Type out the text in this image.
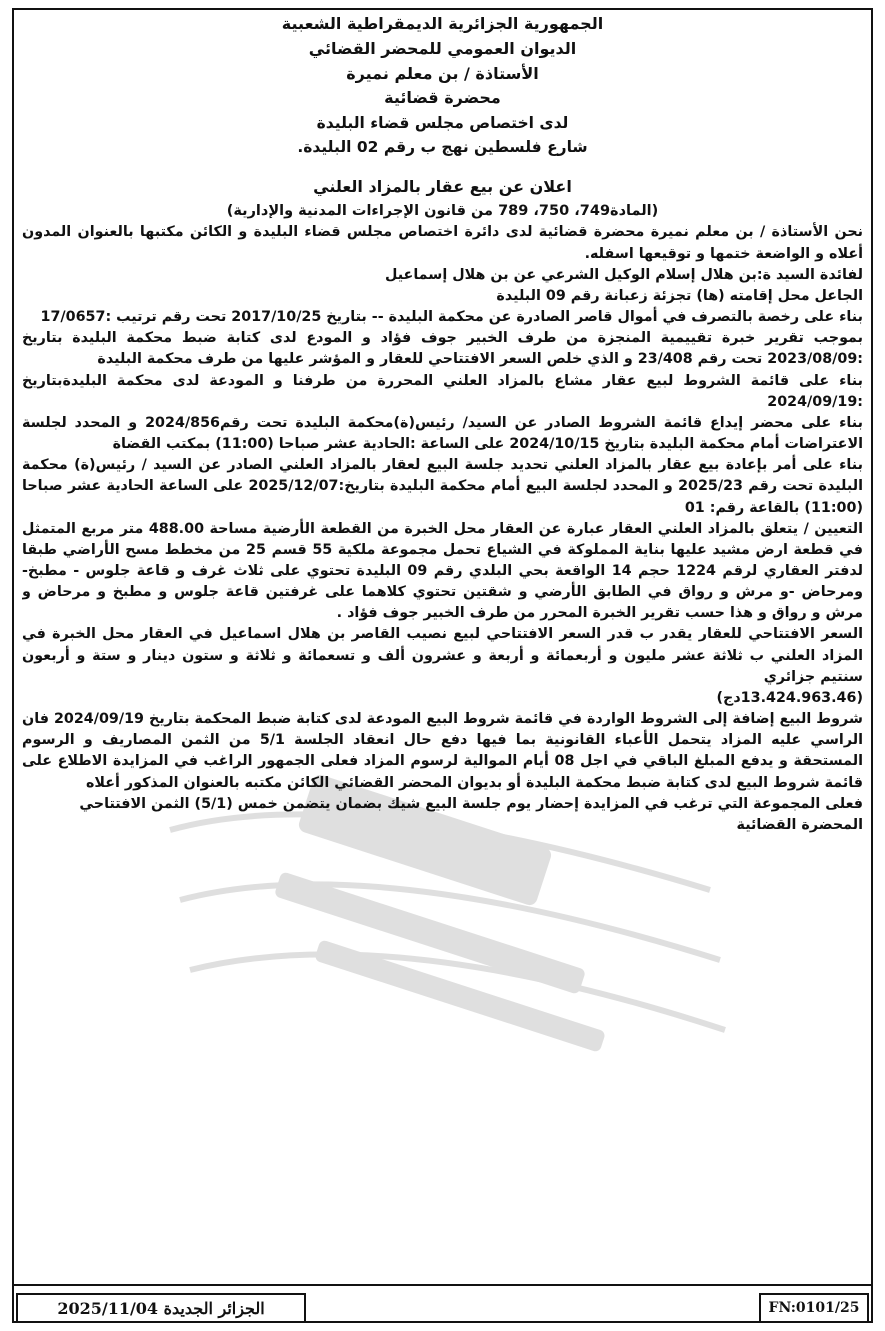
الجمهورية الجزائرية الديمقراطية الشعبية
الديوان العمومي للمحضر القضائي
الأستاذة / بن معلم نميرة
محضرة قضائية
لدى اختصاص مجلس قضاء البليدة
شارع فلسطين نهج ب رقم 02 البليدة.
اعلان عن بيع عقار بالمزاد العلني
(المادة749، 750، 789 من قانون الإجراءات المدنية والإدارية)

نحن الأستاذة / بن معلم نميرة محضرة قضائية لدى دائرة اختصاص مجلس قضاء البليدة و الكائن مكتبها بالعنوان المدون أعلاه و الواضعة ختمها و توقيعها اسفله.

لفائدة السيد ة:بن هلال إسلام الوكيل الشرعي عن بن هلال إسماعيل

الجاعل محل إقامته (ها) تجزئة زعبانة رقم 09 البليدة

بناء على رخصة بالتصرف في أموال قاصر الصادرة عن محكمة البليدة -- بتاريخ 2017/10/25 تحت رقم ترتيب :17/0657

بموجب تقرير خبرة تقييمية المنجزة من طرف الخبير جوف فؤاد و المودع لدى كتابة ضبط محكمة البليدة بتاريخ :2023/08/09 تحت رقم 23/408 و الذي خلص السعر الافتتاحي للعقار و المؤشر عليها من طرف محكمة البليدة

بناء على قائمة الشروط لبيع عقار مشاع بالمزاد العلني المحررة من طرفنا و المودعة لدى محكمة البليدةبتاريخ :2024/09/19

بناء على محضر إيداع قائمة الشروط الصادر عن السيد/ رئيس(ة)محكمة البليدة تحت رقم2024/856 و المحدد لجلسة الاعتراضات أمام محكمة البليدة بتاريخ 2024/10/15 على الساعة :الحادية عشر صباحا (11:00) بمكتب القضاة

بناء على أمر بإعادة بيع عقار بالمزاد العلني تحديد جلسة البيع لعقار بالمزاد العلني الصادر عن السيد / رئيس(ة) محكمة البليدة تحت رقم 2025/23 و المحدد لجلسة البيع أمام محكمة البليدة بتاريخ:2025/12/07 على الساعة الحادية عشر صباحا (11:00) بالقاعة رقم: 01

التعيين / يتعلق بالمزاد العلني العقار عبارة عن العقار محل الخبرة من القطعة الأرضية مساحة 488.00 متر مربع المتمثل في قطعة ارض مشيد عليها بناية المملوكة في الشياع تحمل مجموعة ملكية 55 قسم 25 من مخطط مسح الأراضي طبقا لدفتر العقاري لرقم 1224 حجم 14 الواقعة بحي البلدي رقم 09 البليدة تحتوي على ثلاث غرف و قاعة جلوس - مطبخ-ومرحاض -و مرش و رواق في الطابق الأرضي و شقتين تحتوي كلاهما على غرفتين قاعة جلوس و مطبخ و مرحاض و مرش و رواق و هذا حسب تقرير الخبرة المحرر من طرف الخبير جوف فؤاد .

السعر الافتتاحي للعقار يقدر ب قدر السعر الافتتاحي لبيع نصيب القاصر بن هلال اسماعيل في العقار محل الخبرة في المزاد العلني ب ثلاثة عشر مليون و أربعمائة و أربعة و عشرون ألف و تسعمائة و ثلاثة و ستون دينار و ستة و أربعون سنتيم جزائري

(13.424.963.46دج)

شروط البيع إضافة إلى الشروط الواردة في قائمة شروط البيع المودعة لدى كتابة ضبط المحكمة بتاريخ 2024/09/19 فان الراسي عليه المزاد يتحمل الأعباء القانونية بما فيها دفع حال انعقاد الجلسة 5/1 من الثمن المصاريف و الرسوم المستحقة و يدفع المبلغ الباقي في اجل 08 أيام الموالية لرسوم المزاد فعلى الجمهور الراغب في المزايدة الاطلاع على قائمة شروط البيع لدى كتابة ضبط محكمة البليدة أو بديوان المحضر القضائي الكائن مكتبه بالعنوان المذكور أعلاه

فعلى المجموعة التي ترغب في المزايدة إحضار يوم جلسة البيع شيك بضمان يتضمن خمس (5/1) الثمن الافتتاحي

المحضرة القضائية

الجزائر الجديدة 2025/11/04	FN:0101/25
